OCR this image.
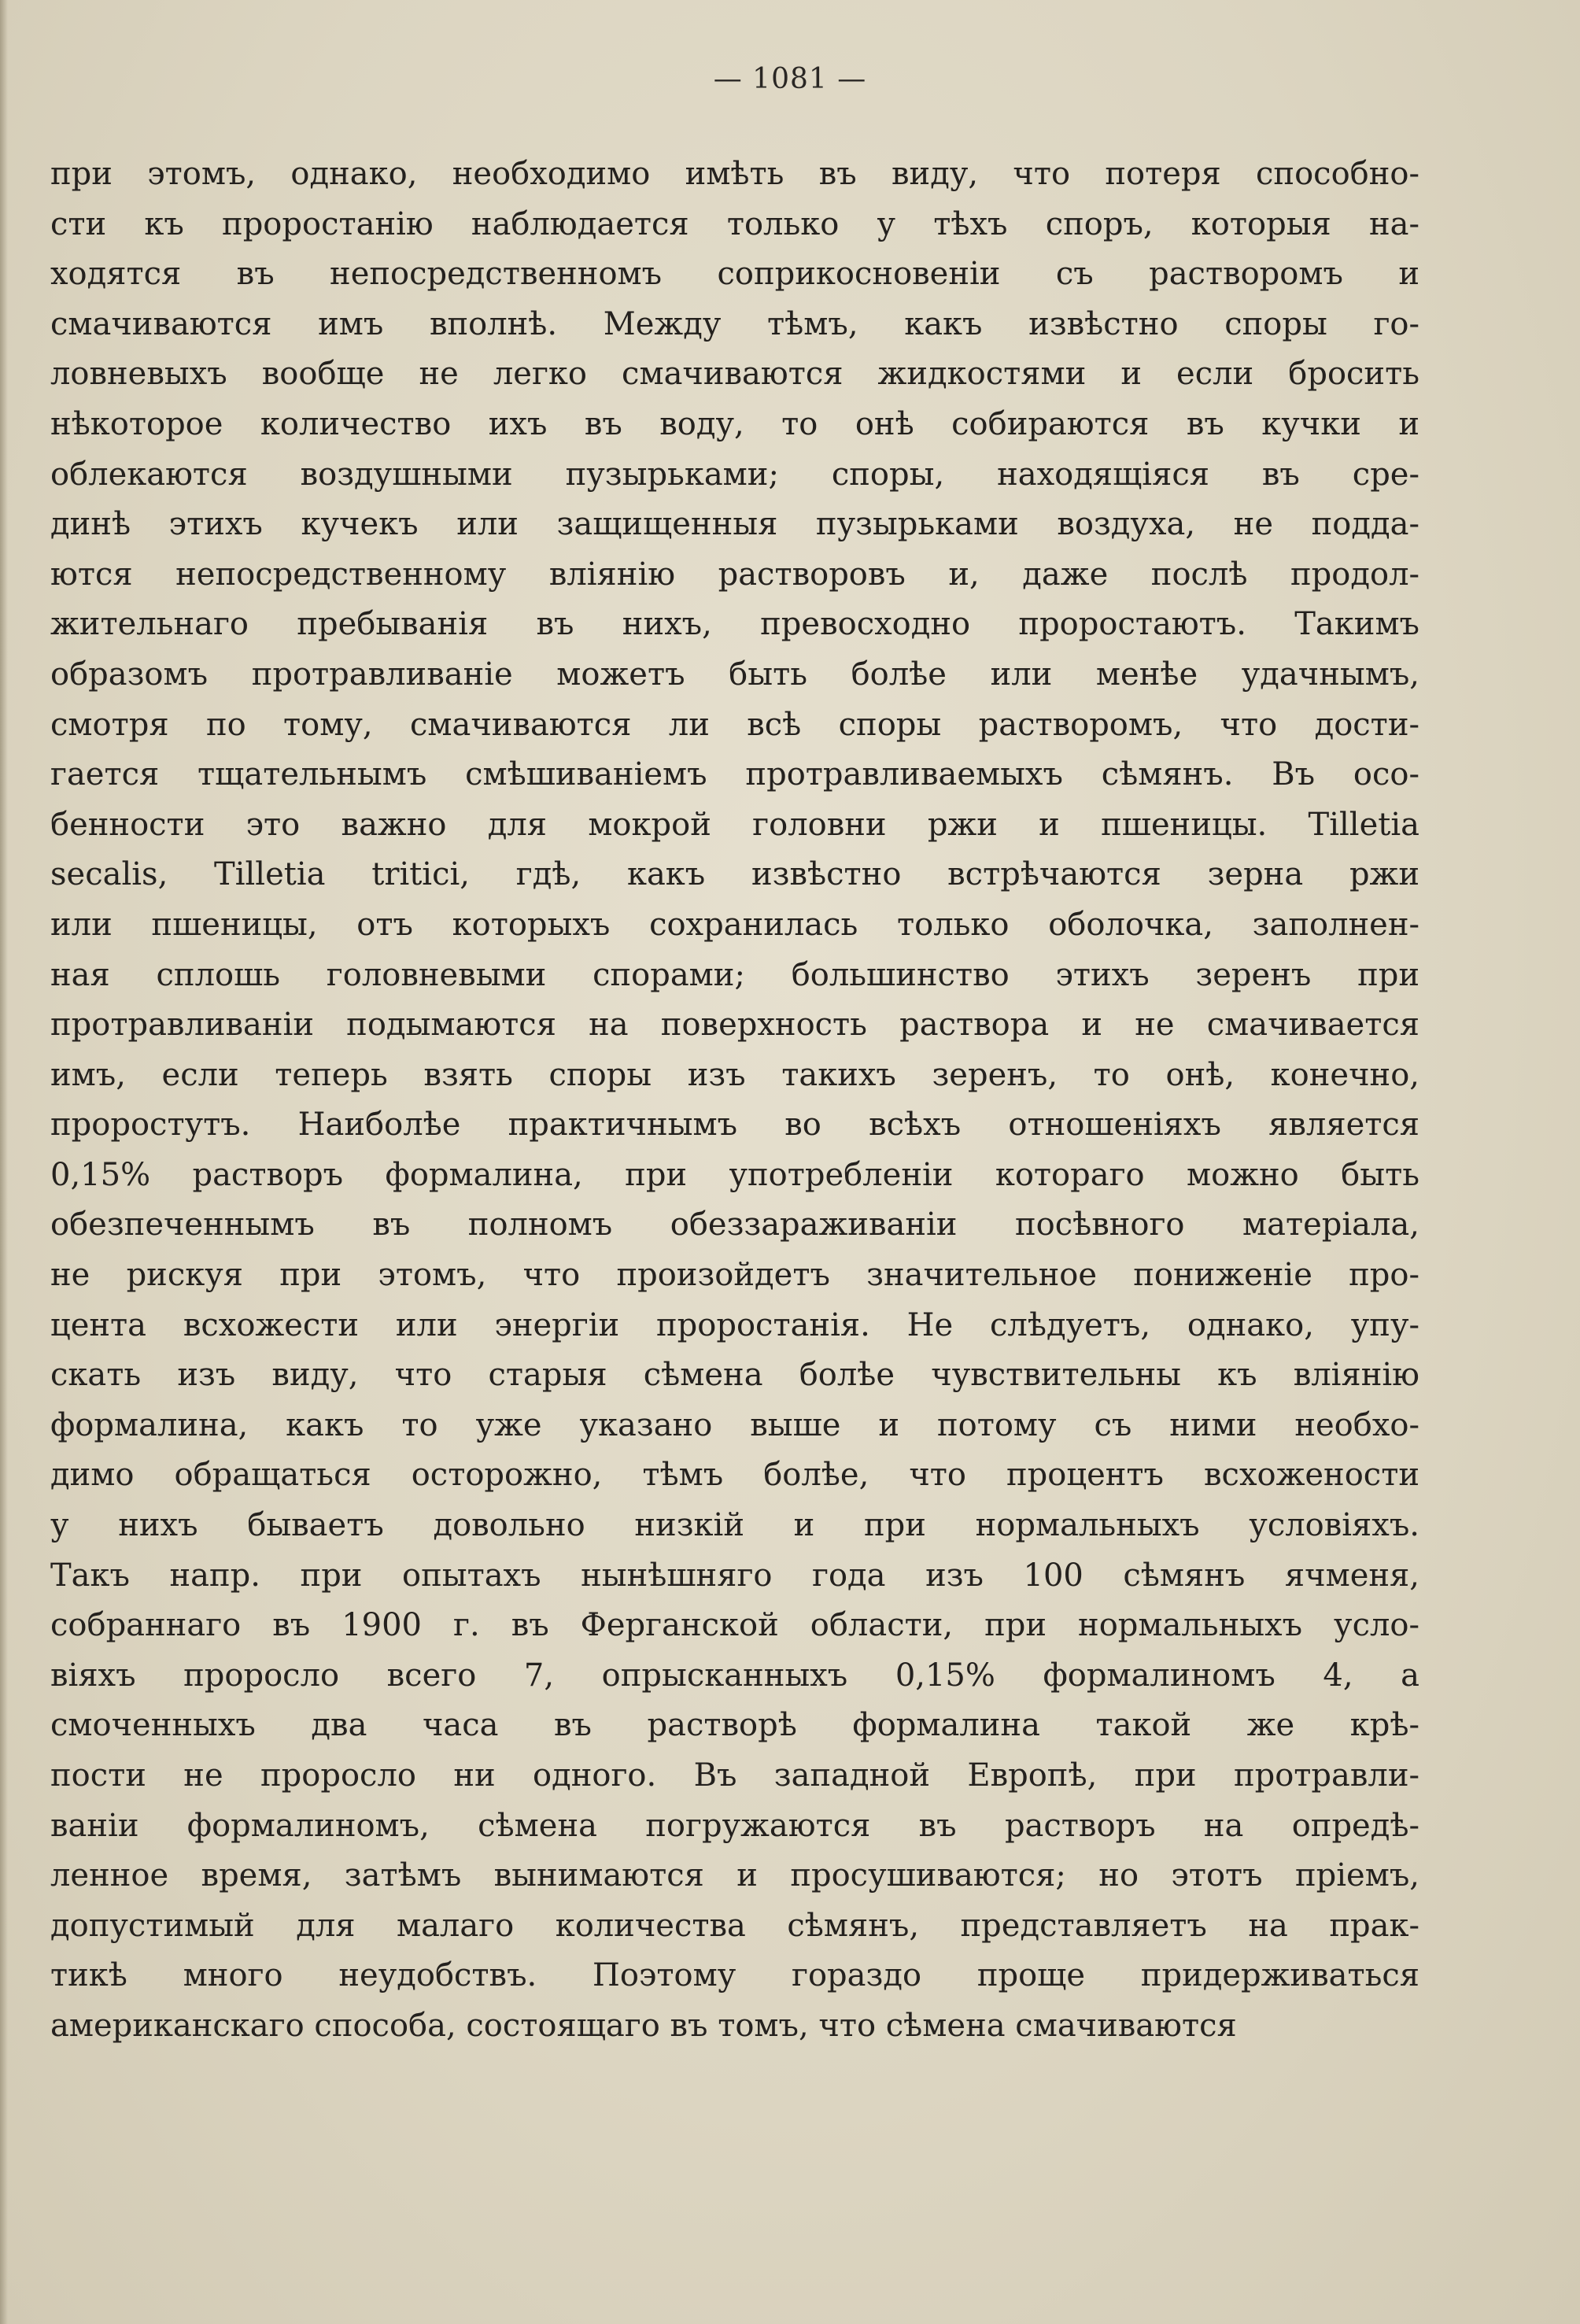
— 1081 —
при этомъ, однако, необходимо имѣть въ виду, что потеря способно-
сти къ проростанію наблюдается только у тѣхъ споръ, которыя на-
ходятся въ непосредственномъ соприкосновеніи съ растворомъ и
смачиваются имъ вполнѣ. Между тѣмъ, какъ извѣстно споры го-
ловневыхъ вообще не легко смачиваются жидкостями и если бросить
нѣкоторое количество ихъ въ воду, то онѣ собираются въ кучки и
облекаются воздушными пузырьками; споры, находящіяся въ сре-
динѣ этихъ кучекъ или защищенныя пузырьками воздуха, не подда-
ются непосредственному вліянію растворовъ и, даже послѣ продол-
жительнаго пребыванія въ нихъ, превосходно проростаютъ. Такимъ
образомъ протравливаніе можетъ быть болѣе или менѣе удачнымъ,
смотря по тому, смачиваются ли всѣ споры растворомъ, что дости-
гается тщательнымъ смѣшиваніемъ протравливаемыхъ сѣмянъ. Въ осо-
бенности это важно для мокрой головни ржи и пшеницы. Tilletia
secalis, Tilletia tritici, гдѣ, какъ извѣстно встрѣчаются зерна ржи
или пшеницы, отъ которыхъ сохранилась только оболочка, заполнен-
ная сплошь головневыми спорами; большинство этихъ зеренъ при
протравливаніи подымаются на поверхность раствора и не смачивается
имъ, если теперь взять споры изъ такихъ зеренъ, то онѣ, конечно,
проростутъ. Наиболѣе практичнымъ во всѣхъ отношеніяхъ является
0,15% растворъ формалина, при употребленіи котораго можно быть
обезпеченнымъ въ полномъ обеззараживаніи посѣвного матеріала,
не рискуя при этомъ, что произойдетъ значительное пониженіе про-
цента всхожести или энергіи проростанія. Не слѣдуетъ, однако, упу-
скать изъ виду, что старыя сѣмена болѣе чувствительны къ вліянію
формалина, какъ то уже указано выше и потому съ ними необхо-
димо обращаться осторожно, тѣмъ болѣе, что процентъ всхожености
у нихъ бываетъ довольно низкій и при нормальныхъ условіяхъ.
Такъ напр. при опытахъ нынѣшняго года изъ 100 сѣмянъ ячменя,
собраннаго въ 1900 г. въ Ферганской области, при нормальныхъ усло-
віяхъ проросло всего 7, опрысканныхъ 0,15% формалиномъ 4, а
смоченныхъ два часа въ растворѣ формалина такой же крѣ-
пости не проросло ни одного. Въ западной Европѣ, при протравли-
ваніи формалиномъ, сѣмена погружаются въ растворъ на опредѣ-
ленное время, затѣмъ вынимаются и просушиваются; но этотъ пріемъ,
допустимый для малаго количества сѣмянъ, представляетъ на прак-
тикѣ много неудобствъ. Поэтому гораздо проще придерживаться
американскаго способа, состоящаго въ томъ, что сѣмена смачиваются
